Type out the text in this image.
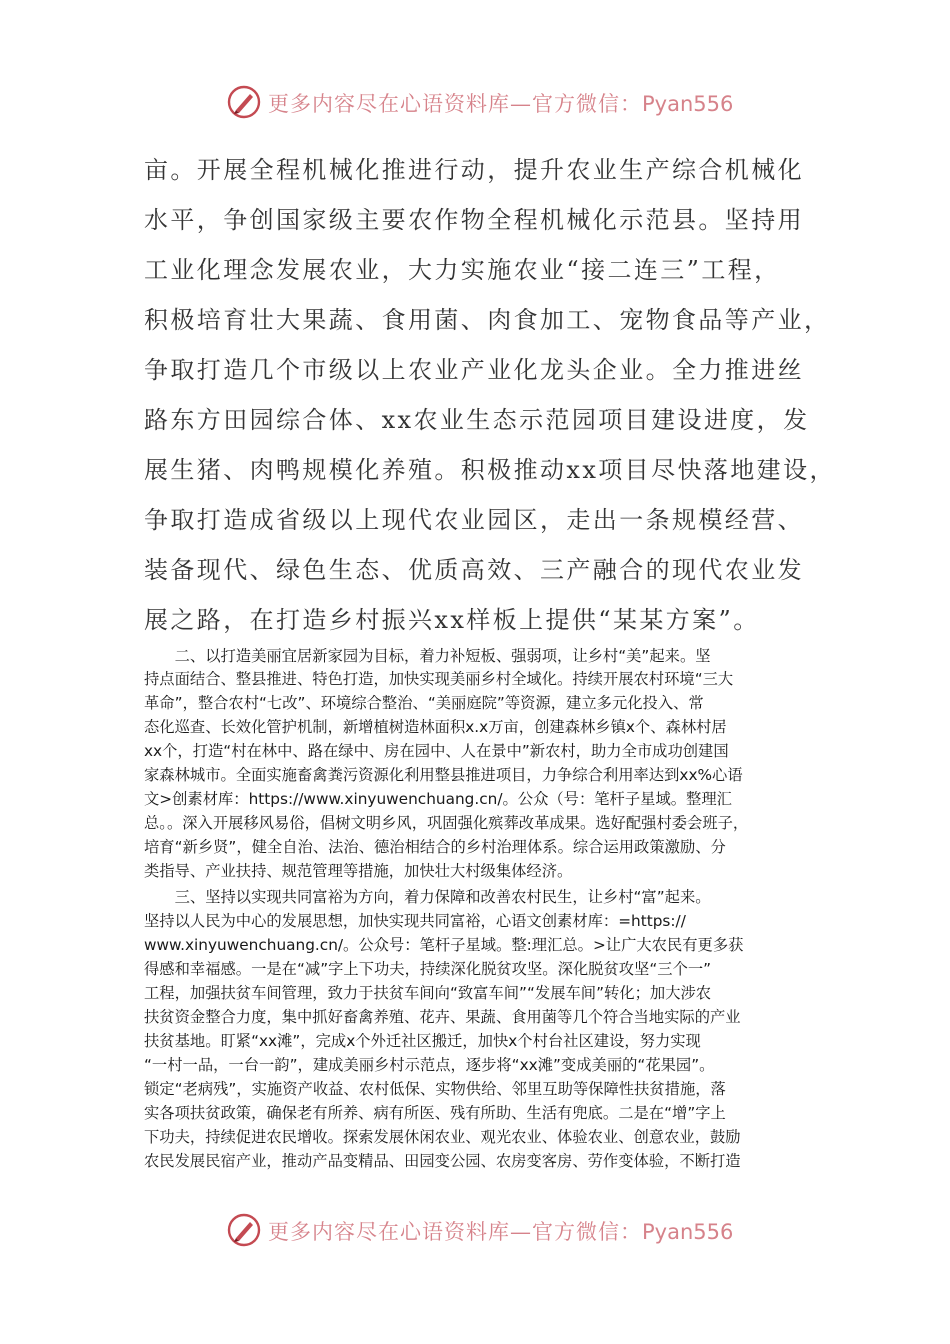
更多内容尽在心语资料库—官方微信：Pyan556
亩。开展全程机械化推进行动，提升农业生产综合机械化
水平，争创国家级主要农作物全程机械化示范县。坚持用
工业化理念发展农业，大力实施农业“接二连三”工程，
积极培育壮大果蔬、食用菌、肉食加工、宠物食品等产业，
争取打造几个市级以上农业产业化龙头企业。全力推进丝
路东方田园综合体、xx农业生态示范园项目建设进度，发
展生猪、肉鸭规模化养殖。积极推动xx项目尽快落地建设，
争取打造成省级以上现代农业园区，走出一条规模经营、
装备现代、绿色生态、优质高效、三产融合的现代农业发
展之路，在打造乡村振兴xx样板上提供“某某方案”。
　　二、以打造美丽宜居新家园为目标，着力补短板、强弱项，让乡村“美”起来。坚
持点面结合、整县推进、特色打造，加快实现美丽乡村全域化。持续开展农村环境“三大
革命”，整合农村“七改”、环境综合整治、“美丽庭院”等资源，建立多元化投入、常
态化巡查、长效化管护机制，新增植树造林面积x.x万亩，创建森林乡镇x个、森林村居
xx个，打造“村在林中、路在绿中、房在园中、人在景中”新农村，助力全市成功创建国
家森林城市。全面实施畜禽粪污资源化利用整县推进项目，力争综合利用率达到xx%心语
文>创素材库：https://www.xinyuwenchuang.cn/。公众（号：笔杆子星域。整理汇
总。。深入开展移风易俗，倡树文明乡风，巩固强化殡葬改革成果。选好配强村委会班子，
培育“新乡贤”，健全自治、法治、德治相结合的乡村治理体系。综合运用政策激励、分
类指导、产业扶持、规范管理等措施，加快壮大村级集体经济。
　　三、坚持以实现共同富裕为方向，着力保障和改善农村民生，让乡村“富”起来。
坚持以人民为中心的发展思想，加快实现共同富裕，心语文创素材库：=https://
www.xinyuwenchuang.cn/。公众号：笔杆子星域。整:理汇总。>让广大农民有更多获
得感和幸福感。一是在“减”字上下功夫，持续深化脱贫攻坚。深化脱贫攻坚“三个一”
工程，加强扶贫车间管理，致力于扶贫车间向“致富车间”“发展车间”转化；加大涉农
扶贫资金整合力度，集中抓好畜禽养殖、花卉、果蔬、食用菌等几个符合当地实际的产业
扶贫基地。盯紧“xx滩”，完成x个外迁社区搬迁，加快x个村台社区建设，努力实现
“一村一品，一台一韵”，建成美丽乡村示范点，逐步将“xx滩”变成美丽的“花果园”。
锁定“老病残”，实施资产收益、农村低保、实物供给、邻里互助等保障性扶贫措施，落
实各项扶贫政策，确保老有所养、病有所医、残有所助、生活有兜底。二是在“增”字上
下功夫，持续促进农民增收。探索发展休闲农业、观光农业、体验农业、创意农业，鼓励
农民发展民宿产业，推动产品变精品、田园变公园、农房变客房、劳作变体验，不断打造
更多内容尽在心语资料库—官方微信：Pyan556
